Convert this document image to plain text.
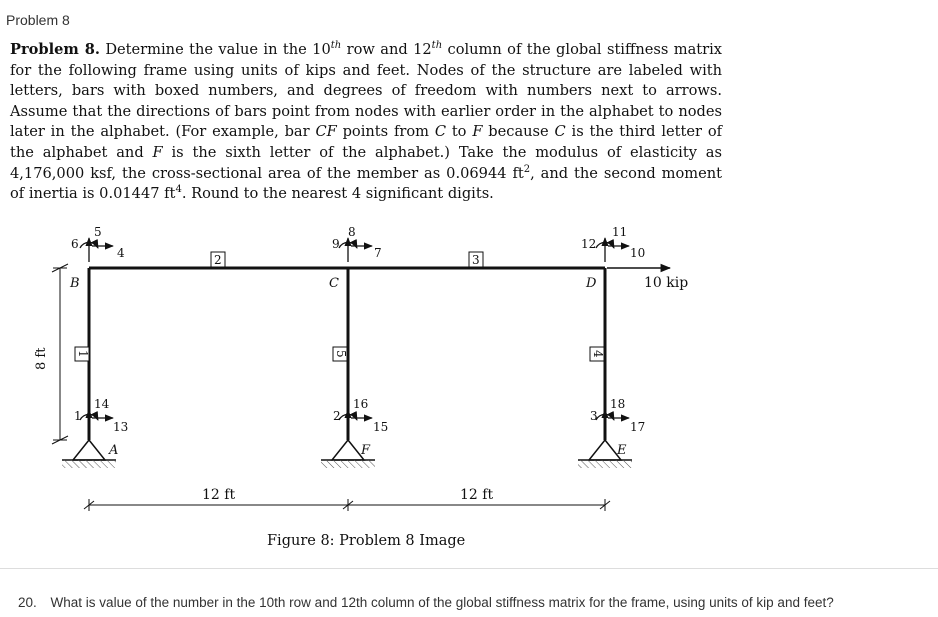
Problem 8
Problem 8. Determine the value in the 10th row and 12th column of the global stiffness matrix for the following frame using units of kips and feet. Nodes of the structure are labeled with letters, bars with boxed numbers, and degrees of freedom with numbers next to arrows. Assume that the directions of bars point from nodes with earlier order in the alphabet to nodes later in the alphabet. (For example, bar CF points from C to F because C is the third letter of the alphabet and F is the sixth letter of the alphabet.) Take the modulus of elasticity as 4,176,000 ksf, the cross-sectional area of the member as 0.06944 $ft^2$, and the second moment of inertia is 0.01447 $ft^4$. Round to the nearest 4 significant digits.
10 kip
5
6
4
8
9
7
11
12
10
14
1
13
16
2
15
18
3
17
A
B	C	D
E
F
2	3
1	5	4
8 ft
12 ft	12 ft
Figure 8: Problem 8 Image
20. What is value of the number in the 10th row and 12th column of the global stiffness matrix for the frame, using units of kip and feet?
